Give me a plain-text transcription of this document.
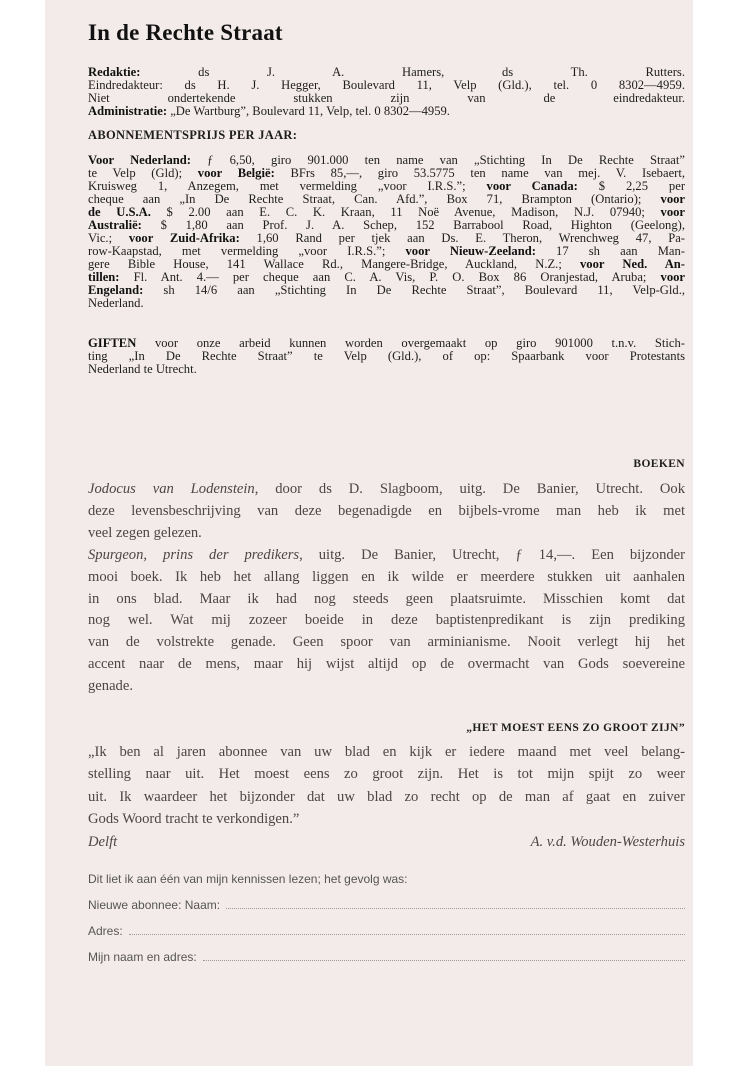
In de Rechte Straat
Redaktie: ds J. A. Hamers, ds Th. Rutters.
Eindredakteur: ds H. J. Hegger, Boulevard 11, Velp (Gld.), tel. 0 8302—4959.
Niet ondertekende stukken zijn van de eindredakteur.
Administratie: „De Wartburg”, Boulevard 11, Velp, tel. 0 8302—4959.
ABONNEMENTSPRIJS PER JAAR:
Voor Nederland: ƒ 6,50, giro 901.000 ten name van „Stichting In De Rechte Straat”
te Velp (Gld); voor België: BFrs 85,—, giro 53.5775 ten name van mej. V. Isebaert,
Kruisweg 1, Anzegem, met vermelding „voor I.R.S.”; voor Canada: $ 2,25 per
cheque aan „In De Rechte Straat, Can. Afd.”, Box 71, Brampton (Ontario); voor
de U.S.A. $ 2.00 aan E. C. K. Kraan, 11 Noë Avenue, Madison, N.J. 07940; voor
Australië: $ 1,80 aan Prof. J. A. Schep, 152 Barrabool Road, Highton (Geelong),
Vic.; voor Zuid-Afrika: 1,60 Rand per tjek aan Ds. E. Theron, Wrenchweg 47, Pa-
row-Kaapstad, met vermelding „voor I.R.S.”; voor Nieuw-Zeeland: 17 sh aan Man-
gere Bible House, 141 Wallace Rd., Mangere-Bridge, Auckland, N.Z.; voor Ned. An-
tillen: Fl. Ant. 4.— per cheque aan C. A. Vis, P. O. Box 86 Oranjestad, Aruba; voor
Engeland: sh 14/6 aan „Stichting In De Rechte Straat”, Boulevard 11, Velp-Gld.,
Nederland.
GIFTEN voor onze arbeid kunnen worden overgemaakt op giro 901000 t.n.v. Stich-
ting „In De Rechte Straat” te Velp (Gld.), of op: Spaarbank voor Protestants
Nederland te Utrecht.
BOEKEN
Jodocus van Lodenstein, door ds D. Slagboom, uitg. De Banier, Utrecht. Ook
deze levensbeschrijving van deze begenadigde en bijbels-vrome man heb ik met
veel zegen gelezen.
Spurgeon, prins der predikers, uitg. De Banier, Utrecht, ƒ 14,—. Een bijzonder
mooi boek. Ik heb het allang liggen en ik wilde er meerdere stukken uit aanhalen
in ons blad. Maar ik had nog steeds geen plaatsruimte. Misschien komt dat
nog wel. Wat mij zozeer boeide in deze baptistenpredikant is zijn prediking
van de volstrekte genade. Geen spoor van arminianisme. Nooit verlegt hij het
accent naar de mens, maar hij wijst altijd op de overmacht van Gods soevereine
genade.
„HET MOEST EENS ZO GROOT ZIJN”
„Ik ben al jaren abonnee van uw blad en kijk er iedere maand met veel belang-
stelling naar uit. Het moest eens zo groot zijn. Het is tot mijn spijt zo weer
uit. Ik waardeer het bijzonder dat uw blad zo recht op de man af gaat en zuiver
Gods Woord tracht te verkondigen.”
Delft	A. v.d. Wouden-Westerhuis
Dit liet ik aan één van mijn kennissen lezen; het gevolg was:
Nieuwe abonnee: Naam:
Adres:
Mijn naam en adres:
